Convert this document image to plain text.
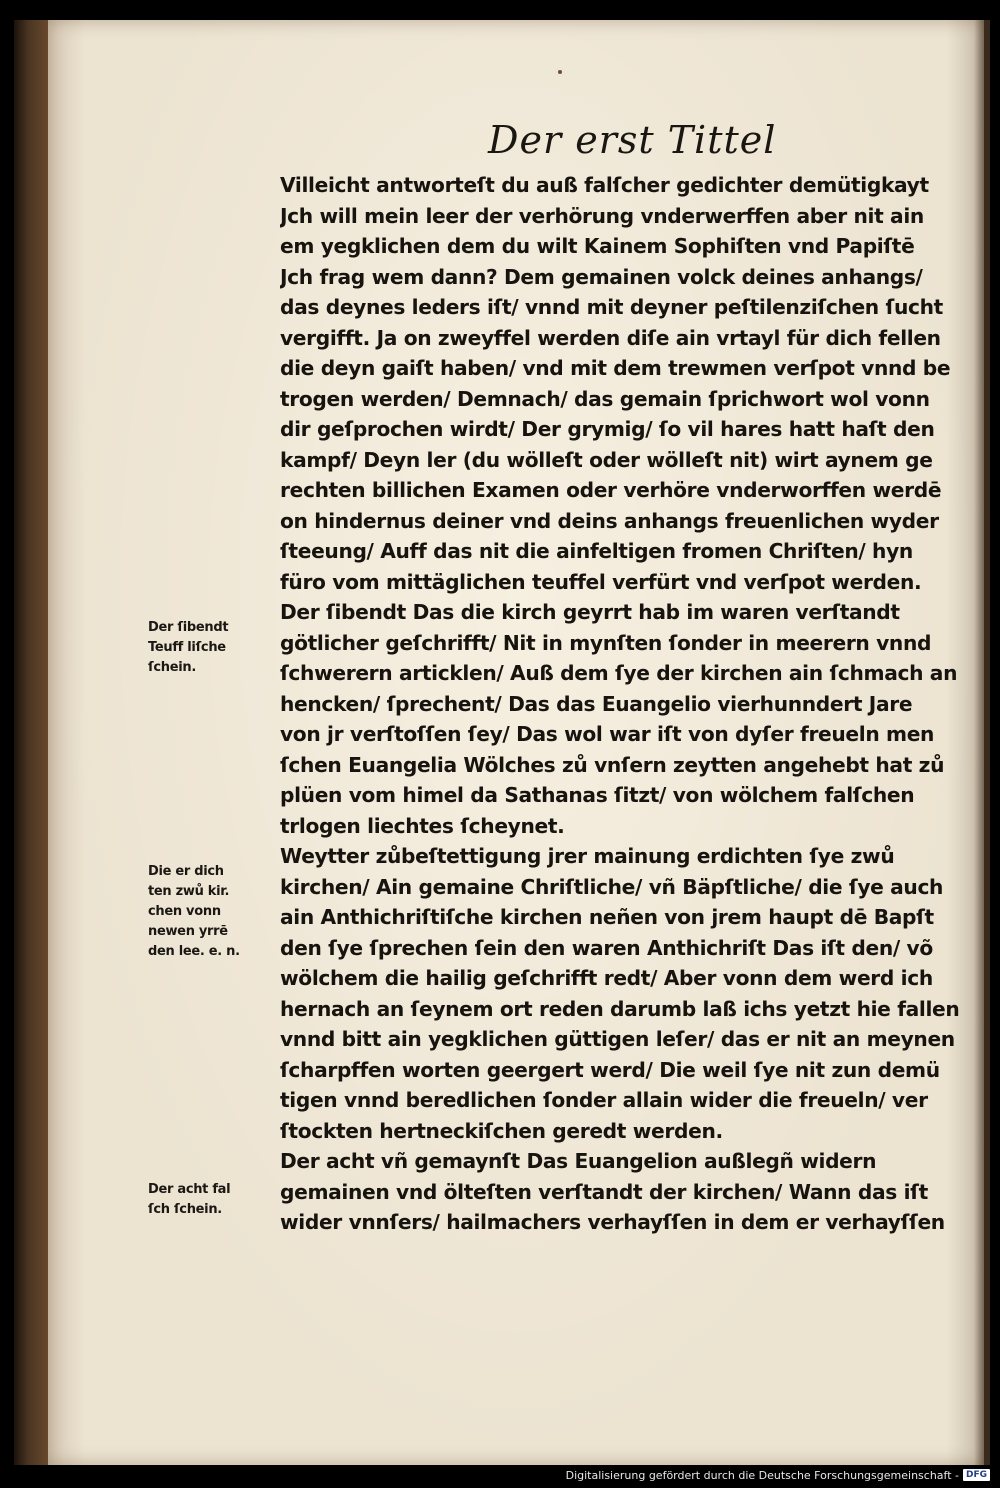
Der erst Tittel
Villeicht antworteſt du auß falſcher gedichter demütigkayt
Jch will mein leer der verhörung vnderwerffen aber nit ain
em yegklichen dem du wilt Kainem Sophiſten vnd Papiſtē
Jch frag wem dann? Dem gemainen volck deines anhangs/
das deynes leders iſt/ vnnd mit deyner peſtilenziſchen ſucht
vergifft. Ja on zweyffel werden diſe ain vrtayl für dich fellen
die deyn gaiſt haben/ vnd mit dem trewmen verſpot vnnd be
trogen werden/ Demnach/ das gemain ſprichwort wol vonn
dir geſprochen wirdt/ Der grymig/ ſo vil hares hatt haſt den
kampf/ Deyn ler (du wölleſt oder wölleſt nit) wirt aynem ge
rechten billichen Examen oder verhöre vnderworffen werdē
on hindernus deiner vnd deins anhangs freuenlichen wyder
ſteeung/ Auff das nit die ainfeltigen fromen Chriſten/ hyn
füro vom mittäglichen teuffel verfürt vnd verſpot werden.
Der ſibendt Das die kirch geyrrt hab im waren verſtandt
götlicher geſchrifft/ Nit in mynſten ſonder in meerern vnnd
ſchwerern articklen/ Auß dem ſye der kirchen ain ſchmach an
hencken/ ſprechent/ Das das Euangelio vierhunndert Jare
von jr verſtoſſen ſey/ Das wol war iſt von dyſer freueln men
ſchen Euangelia Wölches zů vnſern zeytten angehebt hat zů
plüen vom himel da Sathanas ſitzt/ von wölchem falſchen
trlogen liechtes ſcheynet.
Weytter zůbeſtettigung jrer mainung erdichten ſye zwů
kirchen/ Ain gemaine Chriſtliche/ vñ Bäpſtliche/ die ſye auch
ain Anthichriſtiſche kirchen neñen von jrem haupt dē Bapſt
den ſye ſprechen ſein den waren Anthichriſt Das iſt den/ võ
wölchem die hailig geſchrifft redt/ Aber vonn dem werd ich
hernach an ſeynem ort reden darumb laß ichs yetzt hie fallen
vnnd bitt ain yegklichen güttigen leſer/ das er nit an meynen
ſcharpffen worten geergert werd/ Die weil ſye nit zun demü
tigen vnnd beredlichen ſonder allain wider die freueln/ ver
ſtockten hertneckiſchen geredt werden.
Der acht vñ gemaynſt Das Euangelion außlegñ widern
gemainen vnd ölteſten verſtandt der kirchen/ Wann das iſt
wider vnnſers/ hailmachers verhayſſen in dem er verhayſſen
Der ſibendt
Teuff liſche
ſchein.
Die er dich
ten zwů kir.
chen vonn
newen yrrē
den lee. e. n.
Der acht fal
ſch ſchein.
Digitalisierung gefördert durch die Deutsche Forschungsgemeinschaft - DFG
